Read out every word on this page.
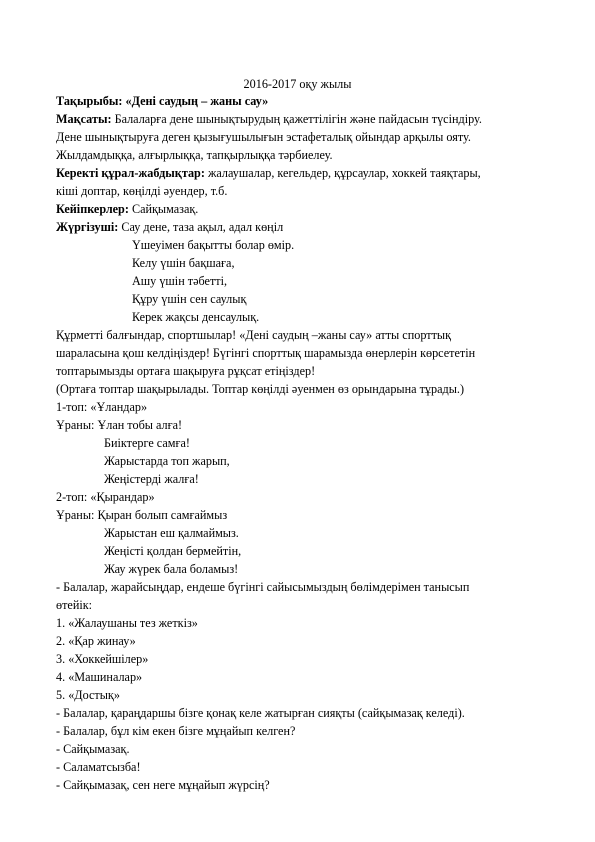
2016-2017 оқу жылы
Тақырыбы: «Дені саудың – жаны сау»
Мақсаты: Балаларға дене шынықтырудың қажеттілігін және пайдасын түсіндіру.
Дене шынықтыруға деген қызығушылығын эстафеталық ойындар арқылы ояту.
Жылдамдыққа, алғырлыққа, тапқырлыққа тәрбиелеу.
Керекті құрал-жабдықтар: жалаушалар, кегельдер, құрсаулар, хоккей таяқтары,
кіші доптар, көңілді әуендер, т.б.
Кейіпкерлер: Сайқымазақ.
Жүргізуші: Сау дене, таза ақыл, адал көңіл
Үшеуімен бақытты болар өмір.
Келу үшін бақшаға,
Ашу үшін тәбетті,
Құру үшін сен саулық
Керек жақсы денсаулық.
Құрметті балғындар, спортшылар! «Дені саудың –жаны сау» атты спорттық
шараласына қош келдіңіздер! Бүгінгі спорттық шарамызда өнерлерін көрсететін
топтарымызды ортаға шақыруға рұқсат етіңіздер!
(Ортаға топтар шақырылады. Топтар көңілді әуенмен өз орындарына тұрады.)
1-топ: «Ұландар»
Ұраны: Ұлан тобы алға!
Биіктерге самға!
Жарыстарда топ жарып,
Жеңістерді жалға!
2-топ: «Қырандар»
Ұраны: Қыран болып самғаймыз
Жарыстан еш қалмаймыз.
Жеңісті қолдан бермейтін,
Жау жүрек бала боламыз!
- Балалар, жарайсыңдар, ендеше бүгінгі сайысымыздың бөлімдерімен танысып
өтейік:
1. «Жалаушаны тез жеткіз»
2. «Қар жинау»
3. «Хоккейшілер»
4. «Машиналар»
5. «Достық»
- Балалар, қараңдаршы бізге қонақ келе жатырған сияқты (сайқымазақ келеді).
- Балалар, бұл кім екен бізге мұңайып келген?
- Сайқымазақ.
- Саламатсызба!
- Сайқымазақ, сен неге мұңайып жүрсің?
